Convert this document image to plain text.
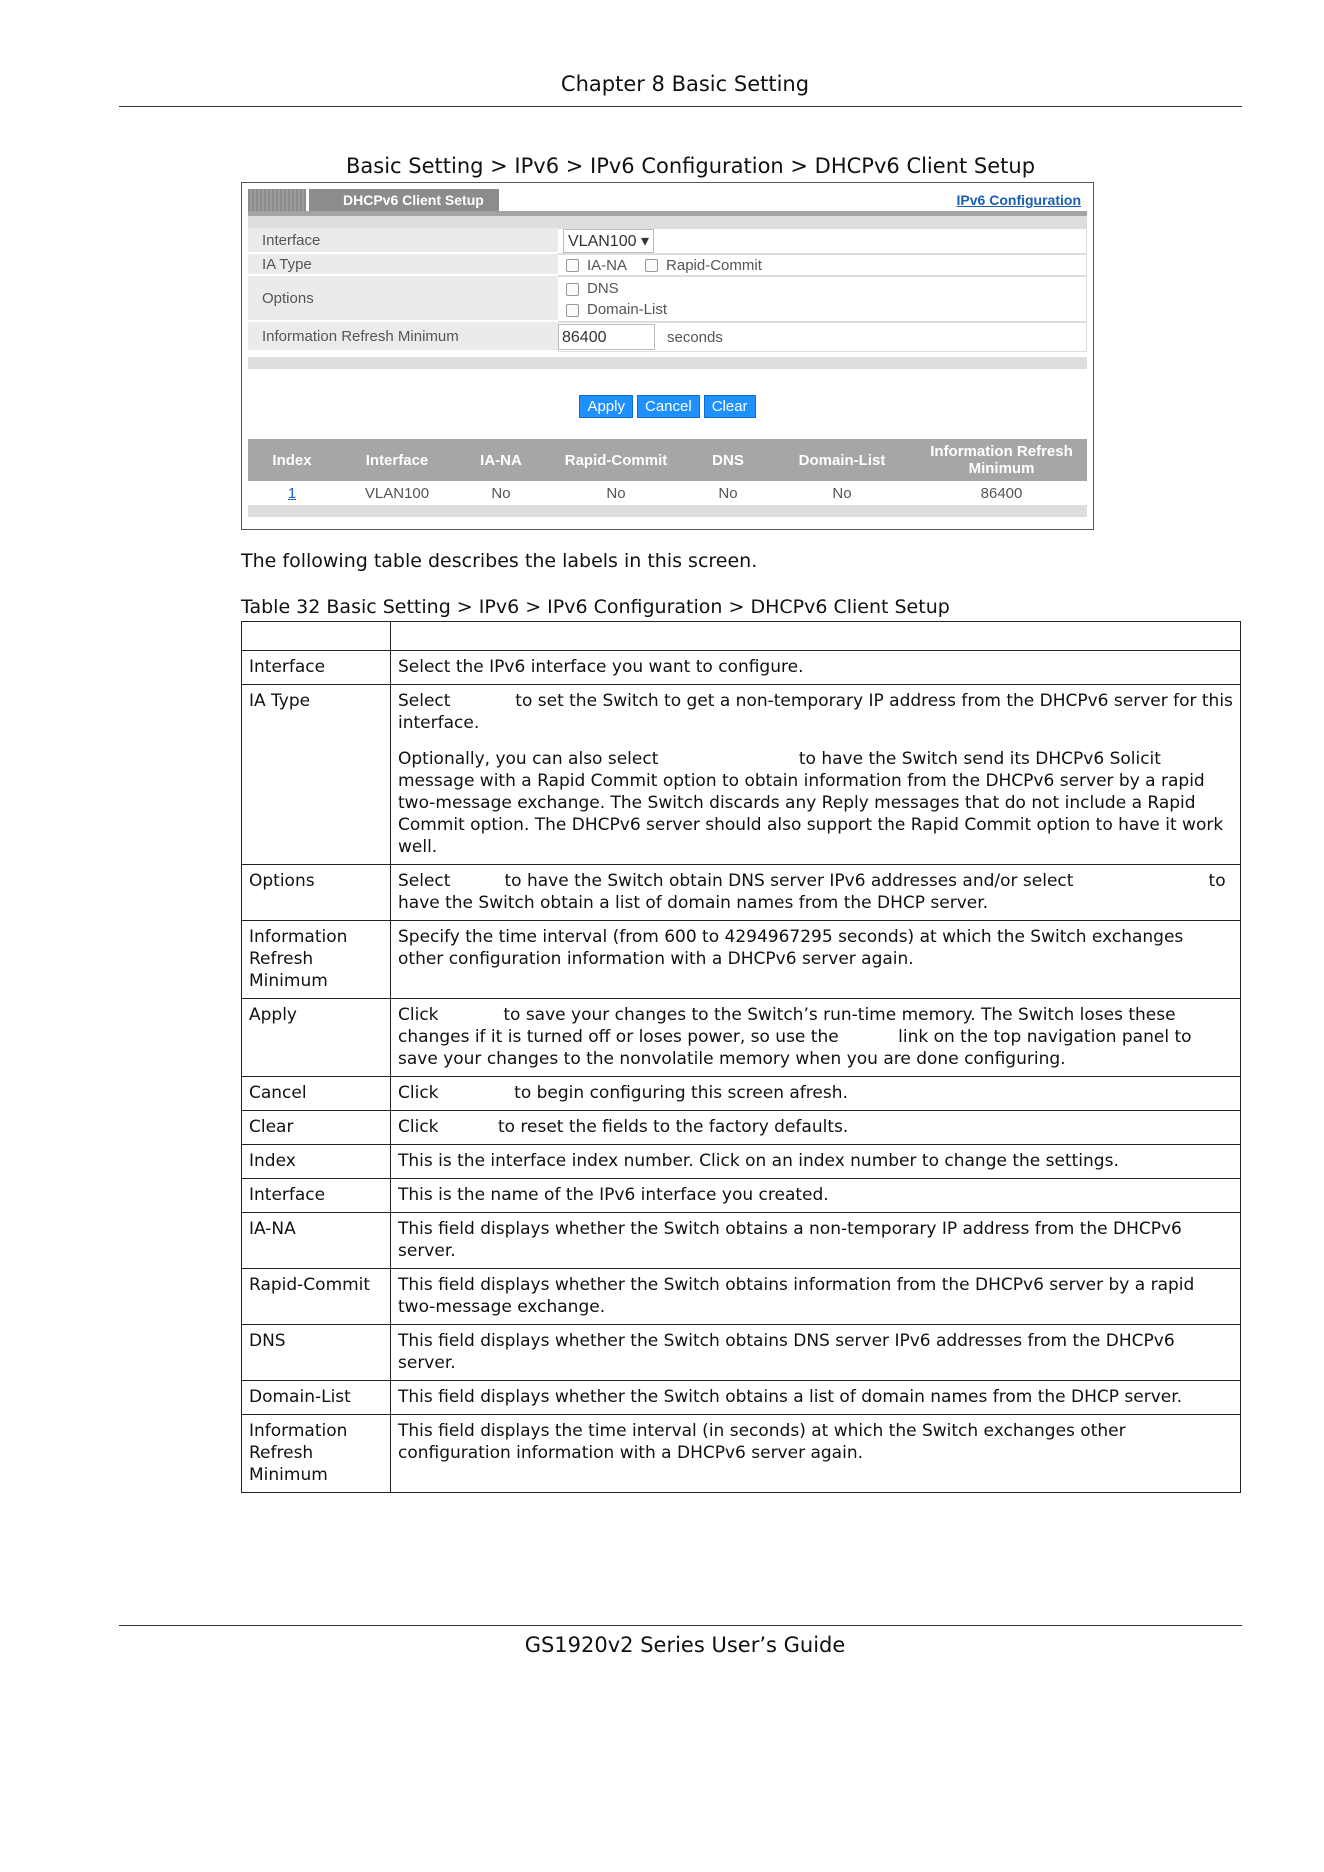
Chapter 8 Basic Setting
Basic Setting > IPv6 > IPv6 Configuration > DHCPv6 Client Setup
DHCPv6 Client Setup	IPv6 Configuration
Interface	VLAN100 ▾
IA Type	IA-NA	Rapid-Commit
Options
DNS
Domain-List
Information Refresh Minimum	86400	seconds
Apply Cancel Clear
Index	Interface	IA-NA	Rapid-Commit	DNS	Domain-List	Information Refresh Minimum
1	VLAN100	No	No	No	No	86400
The following table describes the labels in this screen.
Table 32 Basic Setting > IPv6 > IPv6 Configuration > DHCPv6 Client Setup

Interface	Select the IPv6 interface you want to configure.
IA Type	Select            to set the Switch to get a non-temporary IP address from the DHCPv6 server for this interface.
Optionally, you can also select                          to have the Switch send its DHCPv6 Solicit message with a Rapid Commit option to obtain information from the DHCPv6 server by a rapid two-message exchange. The Switch discards any Reply messages that do not include a Rapid Commit option. The DHCPv6 server should also support the Rapid Commit option to have it work well.

Options	Select          to have the Switch obtain DNS server IPv6 addresses and/or select                         to have the Switch obtain a list of domain names from the DHCP server.
Information Refresh Minimum	Specify the time interval (from 600 to 4294967295 seconds) at which the Switch exchanges other configuration information with a DHCPv6 server again.
Apply	Click            to save your changes to the Switch’s run-time memory. The Switch loses these changes if it is turned off or loses power, so use the           link on the top navigation panel to save your changes to the nonvolatile memory when you are done configuring.
Cancel	Click              to begin configuring this screen afresh.
Clear	Click           to reset the fields to the factory defaults.
Index	This is the interface index number. Click on an index number to change the settings.
Interface	This is the name of the IPv6 interface you created.
IA-NA	This field displays whether the Switch obtains a non-temporary IP address from the DHCPv6 server.
Rapid-Commit	This field displays whether the Switch obtains information from the DHCPv6 server by a rapid two-message exchange.
DNS	This field displays whether the Switch obtains DNS server IPv6 addresses from the DHCPv6 server.
Domain-List	This field displays whether the Switch obtains a list of domain names from the DHCP server.
Information Refresh Minimum	This field displays the time interval (in seconds) at which the Switch exchanges other configuration information with a DHCPv6 server again.
GS1920v2 Series User’s Guide
